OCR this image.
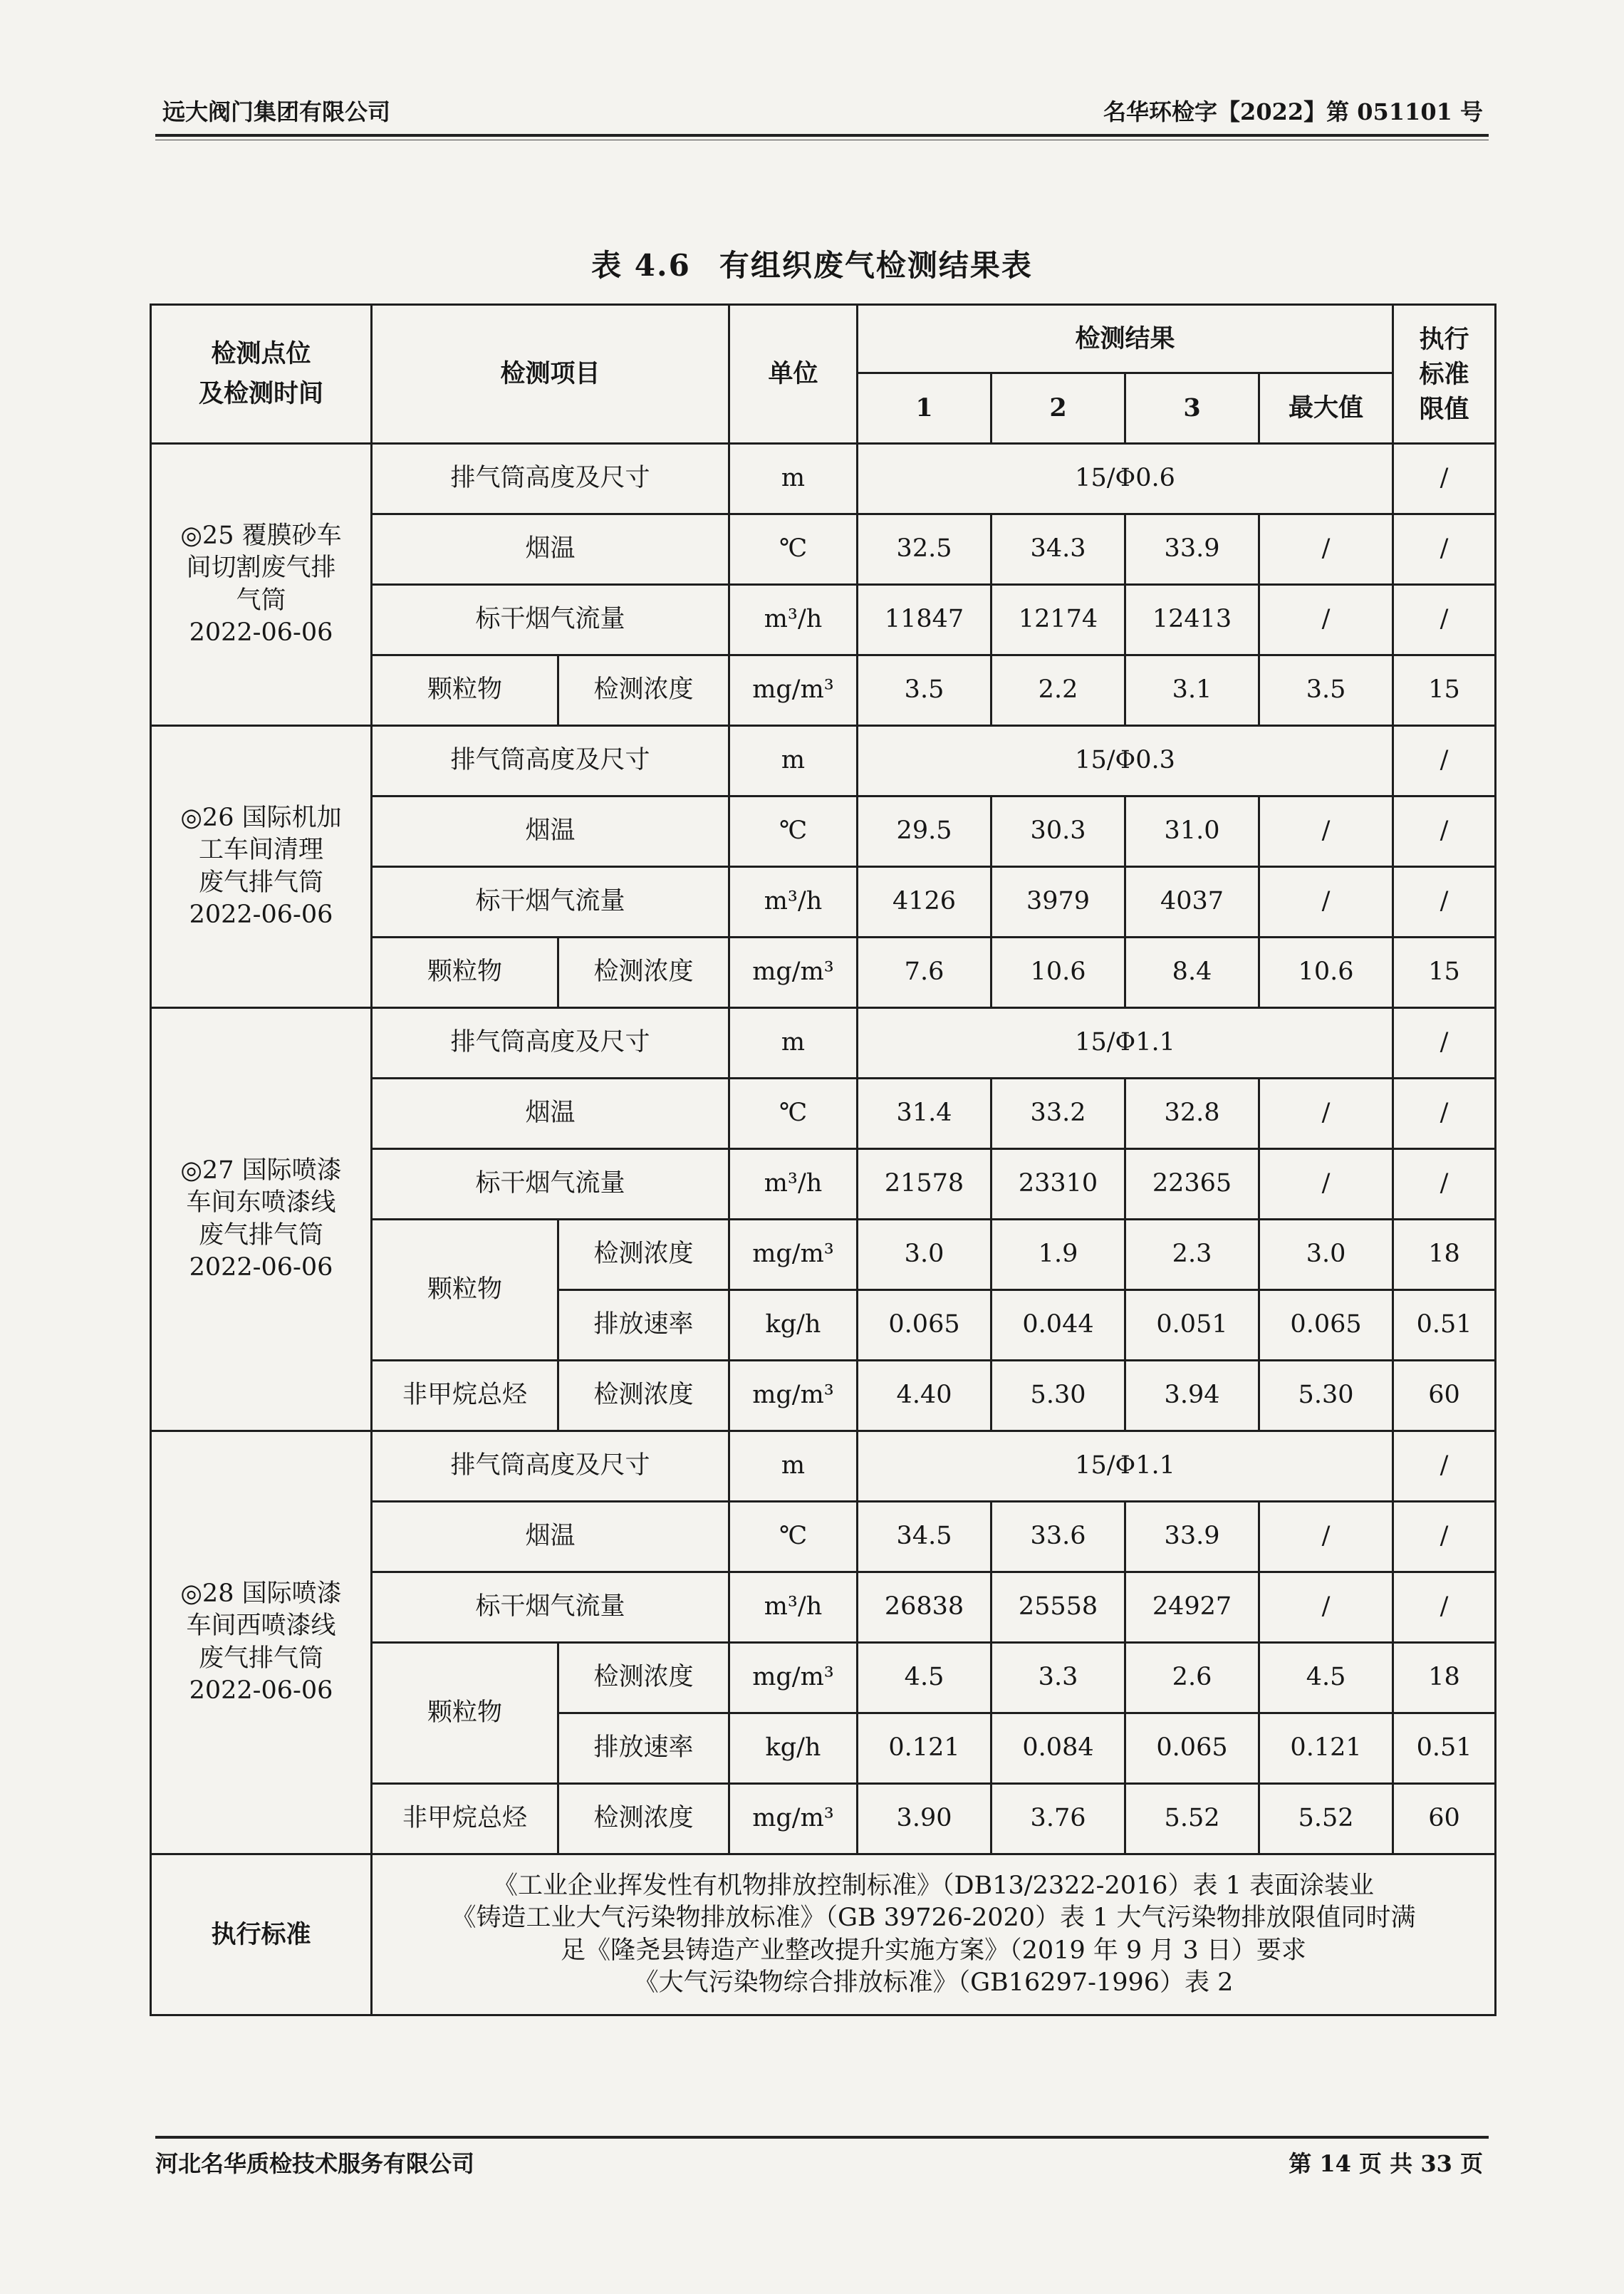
远大阀门集团有限公司	名华环检字【2022】第 051101 号
表 4.6 有组织废气检测结果表
检测点位
及检测时间	检测项目		单位	检测结果				执行
标准
限值
				1	2	3	最大值	

◎25 覆膜砂车
间切割废气排
气筒
2022-06-06	排气筒高度及尺寸		m	15/Φ0.6				/
	烟温		℃	32.5	34.3	33.9	/	/
	标干烟气流量		m³/h	11847	12174	12413	/	/
	颗粒物	检测浓度	mg/m³	3.5	2.2	3.1	3.5	15

◎26 国际机加
工车间清理
废气排气筒
2022-06-06	排气筒高度及尺寸		m	15/Φ0.3				/
	烟温		℃	29.5	30.3	31.0	/	/
	标干烟气流量		m³/h	4126	3979	4037	/	/
	颗粒物	检测浓度	mg/m³	7.6	10.6	8.4	10.6	15

◎27 国际喷漆
车间东喷漆线
废气排气筒
2022-06-06	排气筒高度及尺寸		m	15/Φ1.1				/
	烟温		℃	31.4	33.2	32.8	/	/
	标干烟气流量		m³/h	21578	23310	22365	/	/
	颗粒物	检测浓度	mg/m³	3.0	1.9	2.3	3.0	18
		排放速率	kg/h	0.065	0.044	0.051	0.065	0.51
	非甲烷总烃	检测浓度	mg/m³	4.40	5.30	3.94	5.30	60

◎28 国际喷漆
车间西喷漆线
废气排气筒
2022-06-06	排气筒高度及尺寸		m	15/Φ1.1				/
	烟温		℃	34.5	33.6	33.9	/	/
	标干烟气流量		m³/h	26838	25558	24927	/	/
	颗粒物	检测浓度	mg/m³	4.5	3.3	2.6	4.5	18
		排放速率	kg/h	0.121	0.084	0.065	0.121	0.51
	非甲烷总烃	检测浓度	mg/m³	3.90	3.76	5.52	5.52	60
执行标准	《工业企业挥发性有机物排放控制标准》（DB13/2322-2016）表 1 表面涂装业
《铸造工业大气污染物排放标准》（GB 39726-2020）表 1 大气污染物排放限值同时满
足《隆尧县铸造产业整改提升实施方案》（2019 年 9 月 3 日）要求
《大气污染物综合排放标准》（GB16297-1996）表 2							
河北名华质检技术服务有限公司	第 14 页 共 33 页
